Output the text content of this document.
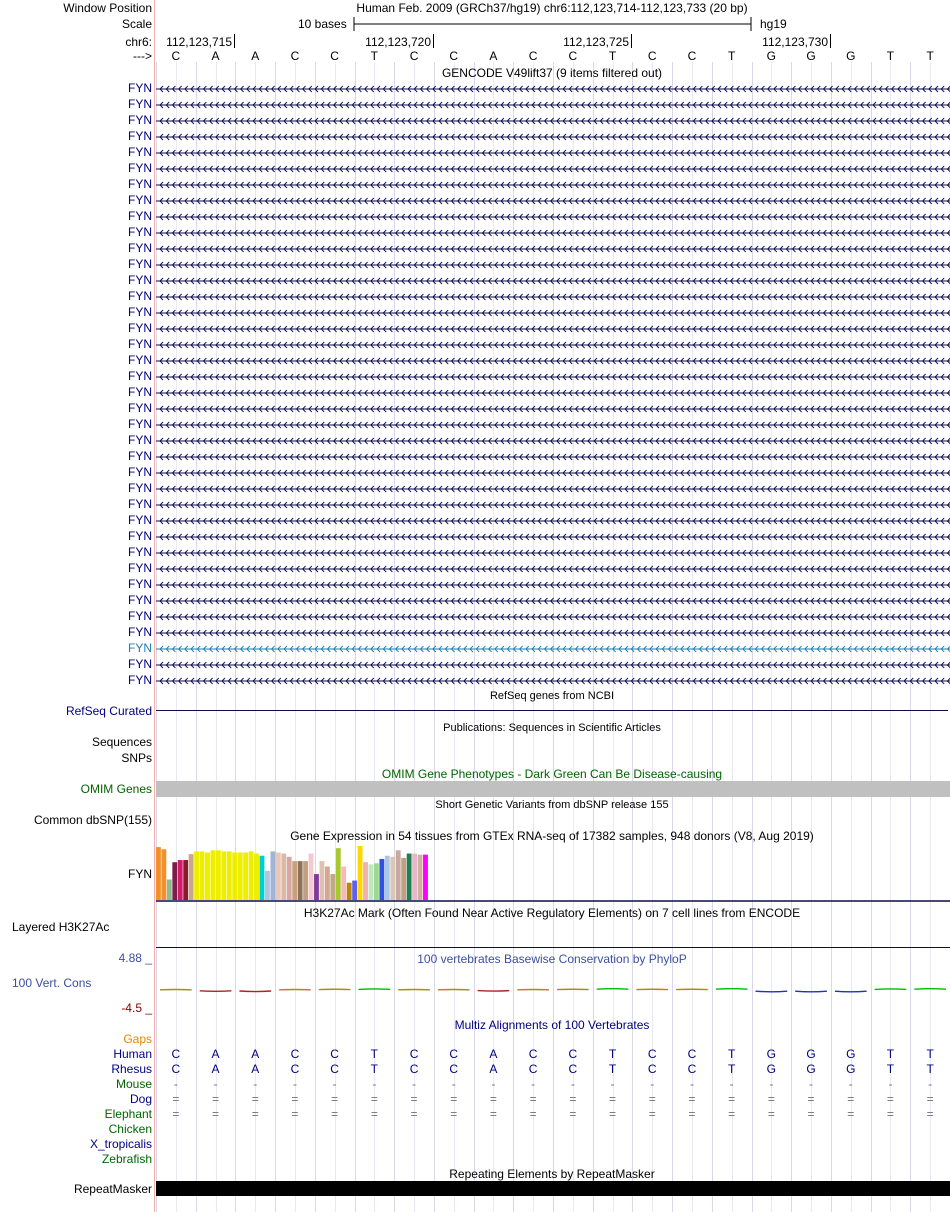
Window Position	Human Feb. 2009 (GRCh37/hg19) chr6:112,123,714-112,123,733 (20 bp)
Scale	10 bases	hg19
chr6:	112,123,715	112,123,720	112,123,725	112,123,730
--->	C	A	A	C	C	T	C	C	A	C	C	T	C	C	T	G	G	G	T	T
GENCODE V49lift37 (9 items filtered out)
FYN
FYN
FYN
FYN
FYN
FYN
FYN
FYN
FYN
FYN
FYN
FYN
FYN
FYN
FYN
FYN
FYN
FYN
FYN
FYN
FYN
FYN
FYN
FYN
FYN
FYN
FYN
FYN
FYN
FYN
FYN
FYN
FYN
FYN
FYN
FYN
FYN
FYN
RefSeq genes from NCBI
RefSeq Curated
Publications: Sequences in Scientific Articles
Sequences
SNPs
OMIM Gene Phenotypes - Dark Green Can Be Disease-causing
OMIM Genes
Short Genetic Variants from dbSNP release 155
Common dbSNP(155)
Gene Expression in 54 tissues from GTEx RNA-seq of 17382 samples, 948 donors (V8, Aug 2019)
FYN
H3K27Ac Mark (Often Found Near Active Regulatory Elements) on 7 cell lines from ENCODE
Layered H3K27Ac
100 vertebrates Basewise Conservation by PhyloP
4.88 _
100 Vert. Cons
-4.5 _
Multiz Alignments of 100 Vertebrates
Gaps
Human	C	A	A	C	C	T	C	C	A	C	C	T	C	C	T	G	G	G	T	T
Rhesus	C	A	A	C	C	T	C	C	A	C	C	T	C	C	T	G	G	G	T	T
Mouse	-	-	-	-	-	-	-	-	-	-	-	-	-	-	-	-	-	-	-	-
Dog	=	=	=	=	=	=	=	=	=	=	=	=	=	=	=	=	=	=	=	=
Elephant	=	=	=	=	=	=	=	=	=	=	=	=	=	=	=	=	=	=	=	=
Chicken
X_tropicalis
Zebrafish
Repeating Elements by RepeatMasker
RepeatMasker
